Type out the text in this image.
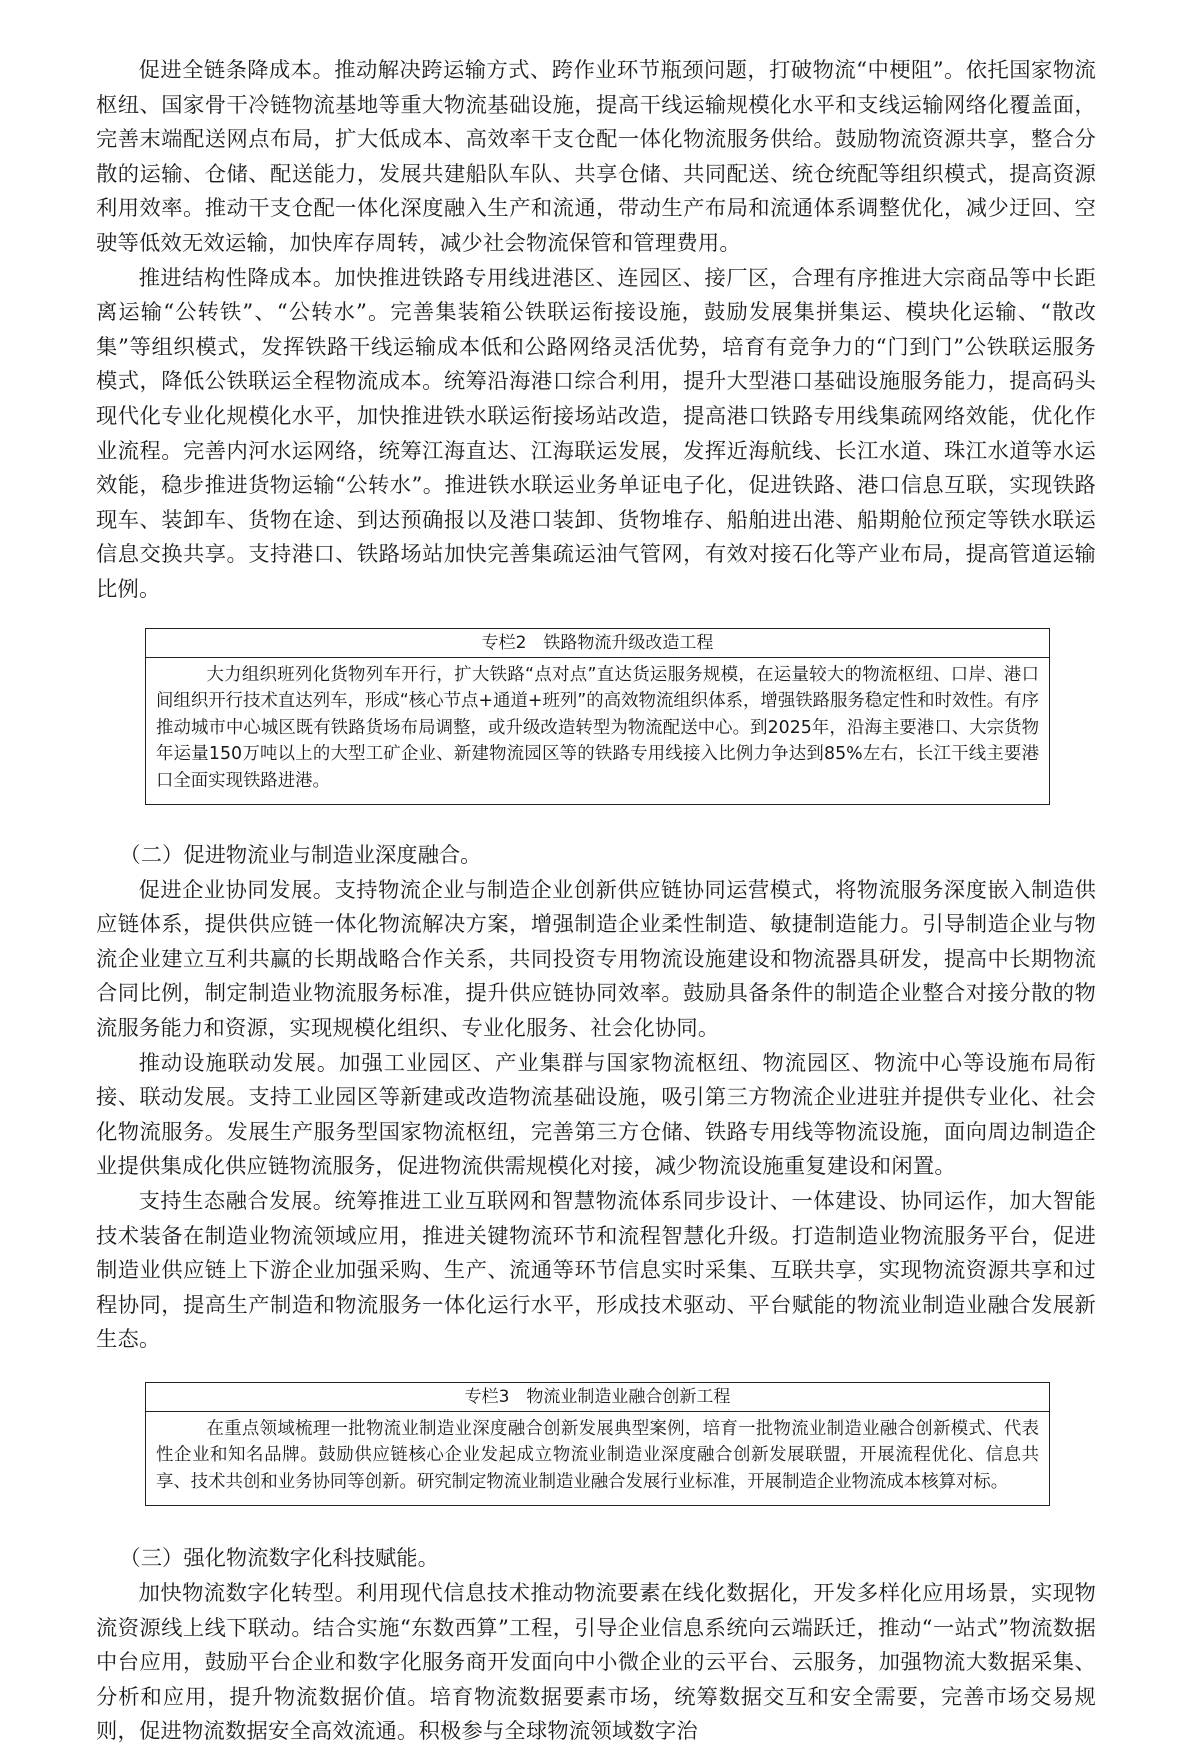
促进全链条降成本。推动解决跨运输方式、跨作业环节瓶颈问题，打破物流“中梗阻”。依托国家物流枢纽、国家骨干冷链物流基地等重大物流基础设施，提高干线运输规模化水平和支线运输网络化覆盖面，完善末端配送网点布局，扩大低成本、高效率干支仓配一体化物流服务供给。鼓励物流资源共享，整合分散的运输、仓储、配送能力，发展共建船队车队、共享仓储、共同配送、统仓统配等组织模式，提高资源利用效率。推动干支仓配一体化深度融入生产和流通，带动生产布局和流通体系调整优化，减少迂回、空驶等低效无效运输，加快库存周转，减少社会物流保管和管理费用。

推进结构性降成本。加快推进铁路专用线进港区、连园区、接厂区，合理有序推进大宗商品等中长距离运输“公转铁”、“公转水”。完善集装箱公铁联运衔接设施，鼓励发展集拼集运、模块化运输、“散改集”等组织模式，发挥铁路干线运输成本低和公路网络灵活优势，培育有竞争力的“门到门”公铁联运服务模式，降低公铁联运全程物流成本。统筹沿海港口综合利用，提升大型港口基础设施服务能力，提高码头现代化专业化规模化水平，加快推进铁水联运衔接场站改造，提高港口铁路专用线集疏网络效能，优化作业流程。完善内河水运网络，统筹江海直达、江海联运发展，发挥近海航线、长江水道、珠江水道等水运效能，稳步推进货物运输“公转水”。推进铁水联运业务单证电子化，促进铁路、港口信息互联，实现铁路现车、装卸车、货物在途、到达预确报以及港口装卸、货物堆存、船舶进出港、船期舱位预定等铁水联运信息交换共享。支持港口、铁路场站加快完善集疏运油气管网，有效对接石化等产业布局，提高管道运输比例。

专栏2　铁路物流升级改造工程
大力组织班列化货物列车开行，扩大铁路“点对点”直达货运服务规模，在运量较大的物流枢纽、口岸、港口间组织开行技术直达列车，形成“核心节点+通道+班列”的高效物流组织体系，增强铁路服务稳定性和时效性。有序推动城市中心城区既有铁路货场布局调整，或升级改造转型为物流配送中心。到2025年，沿海主要港口、大宗货物年运量150万吨以上的大型工矿企业、新建物流园区等的铁路专用线接入比例力争达到85%左右，长江干线主要港口全面实现铁路进港。

（二）促进物流业与制造业深度融合。

促进企业协同发展。支持物流企业与制造企业创新供应链协同运营模式，将物流服务深度嵌入制造供应链体系，提供供应链一体化物流解决方案，增强制造企业柔性制造、敏捷制造能力。引导制造企业与物流企业建立互利共赢的长期战略合作关系，共同投资专用物流设施建设和物流器具研发，提高中长期物流合同比例，制定制造业物流服务标准，提升供应链协同效率。鼓励具备条件的制造企业整合对接分散的物流服务能力和资源，实现规模化组织、专业化服务、社会化协同。

推动设施联动发展。加强工业园区、产业集群与国家物流枢纽、物流园区、物流中心等设施布局衔接、联动发展。支持工业园区等新建或改造物流基础设施，吸引第三方物流企业进驻并提供专业化、社会化物流服务。发展生产服务型国家物流枢纽，完善第三方仓储、铁路专用线等物流设施，面向周边制造企业提供集成化供应链物流服务，促进物流供需规模化对接，减少物流设施重复建设和闲置。

支持生态融合发展。统筹推进工业互联网和智慧物流体系同步设计、一体建设、协同运作，加大智能技术装备在制造业物流领域应用，推进关键物流环节和流程智慧化升级。打造制造业物流服务平台，促进制造业供应链上下游企业加强采购、生产、流通等环节信息实时采集、互联共享，实现物流资源共享和过程协同，提高生产制造和物流服务一体化运行水平，形成技术驱动、平台赋能的物流业制造业融合发展新生态。

专栏3　物流业制造业融合创新工程
在重点领域梳理一批物流业制造业深度融合创新发展典型案例，培育一批物流业制造业融合创新模式、代表性企业和知名品牌。鼓励供应链核心企业发起成立物流业制造业深度融合创新发展联盟，开展流程优化、信息共享、技术共创和业务协同等创新。研究制定物流业制造业融合发展行业标准，开展制造企业物流成本核算对标。

（三）强化物流数字化科技赋能。

加快物流数字化转型。利用现代信息技术推动物流要素在线化数据化，开发多样化应用场景，实现物流资源线上线下联动。结合实施“东数西算”工程，引导企业信息系统向云端跃迁，推动“一站式”物流数据中台应用，鼓励平台企业和数字化服务商开发面向中小微企业的云平台、云服务，加强物流大数据采集、分析和应用，提升物流数据价值。培育物流数据要素市场，统筹数据交互和安全需要，完善市场交易规则，促进物流数据安全高效流通。积极参与全球物流领域数字治
